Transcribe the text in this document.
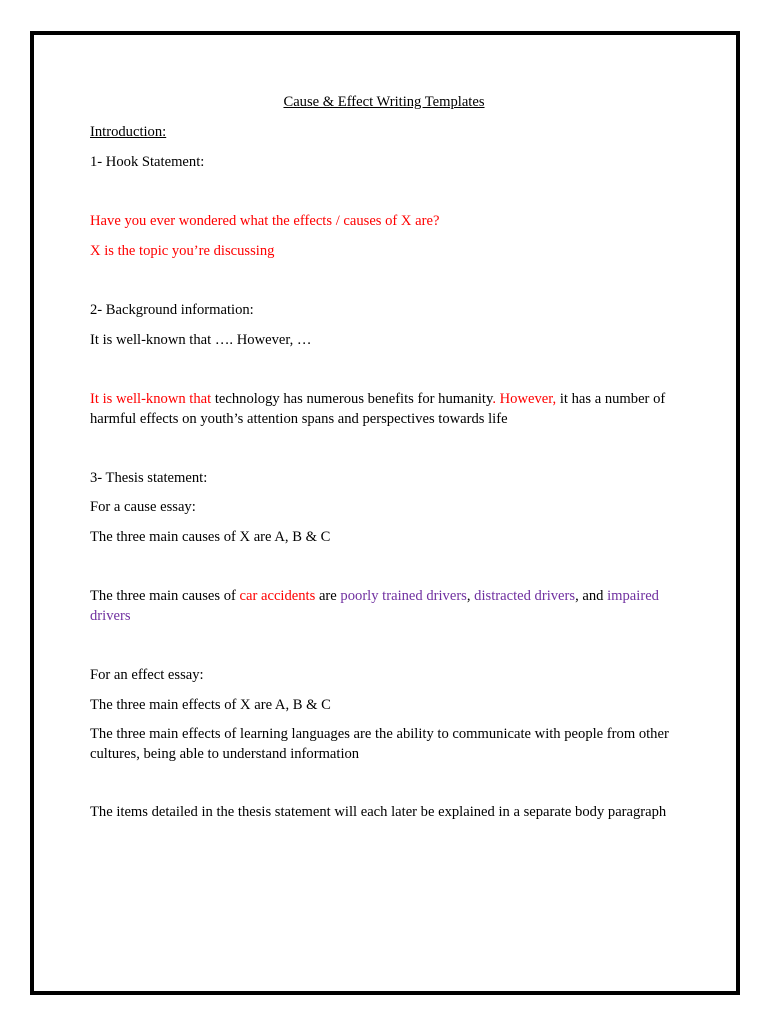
Cause & Effect Writing Templates
Introduction:
1- Hook Statement:
Have you ever wondered what the effects / causes of X are?
X is the topic you’re discussing
2- Background information:
It is well-known that …. However, …
It is well-known that technology has numerous benefits for humanity. However, it has a number of harmful effects on youth’s attention spans and perspectives towards life
3- Thesis statement:
For a cause essay:
The three main causes of X are A, B & C
The three main causes of car accidents are poorly trained drivers, distracted drivers, and impaired drivers
For an effect essay:
The three main effects of X are A, B & C
The three main effects of learning languages are the ability to communicate with people from other cultures, being able to understand information
The items detailed in the thesis statement will each later be explained in a separate body paragraph
